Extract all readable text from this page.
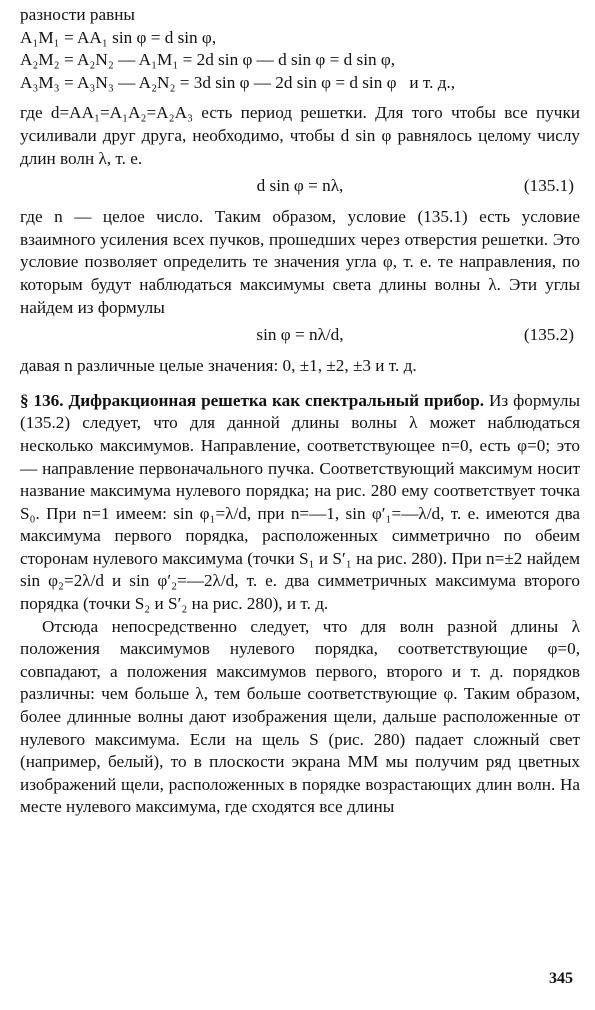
разности равны

A₁M₁ = AA₁ sin φ = d sin φ,

A₂M₂ = A₂N₂ — A₁M₁ = 2d sin φ — d sin φ = d sin φ,

A₃M₃ = A₃N₃ — A₂N₂ = 3d sin φ — 2d sin φ = d sin φ   и т. д.,

где d=AA₁=A₁A₂=A₂A₃ есть период решетки. Для того чтобы все пучки усиливали друг друга, необходимо, чтобы d sin φ равнялось целому числу длин волн λ, т. е.

d sin φ = nλ,	(135.1)

где n — целое число. Таким образом, условие (135.1) есть условие взаимного усиления всех пучков, прошедших через отверстия решетки. Это условие позволяет определить те значения угла φ, т. е. те направления, по которым будут наблюдаться максимумы света длины волны λ. Эти углы найдем из формулы

sin φ = nλ/d,	(135.2)

давая n различные целые значения: 0, ±1, ±2, ±3 и т. д.

§ 136. Дифракционная решетка как спектральный прибор. Из формулы (135.2) следует, что для данной длины волны λ может наблюдаться несколько максимумов. Направление, соответствующее n=0, есть φ=0; это — направление первоначального пучка. Соответствующий максимум носит название максимума нулевого порядка; на рис. 280 ему соответствует точка S₀. При n=1 имеем: sin φ₁=λ/d, при n=—1, sin φ′₁=—λ/d, т. е. имеются два максимума первого порядка, расположенных симметрично по обеим сторонам нулевого максимума (точки S₁ и S′₁ на рис. 280). При n=±2 найдем sin φ₂=2λ/d и sin φ′₂=—2λ/d, т. е. два симметричных максимума второго порядка (точки S₂ и S′₂ на рис. 280), и т. д.

Отсюда непосредственно следует, что для волн разной длины λ положения максимумов нулевого порядка, соответствующие φ=0, совпадают, а положения максимумов первого, второго и т. д. порядков различны: чем больше λ, тем больше соответствующие φ. Таким образом, более длинные волны дают изображения щели, дальше расположенные от нулевого максимума. Если на щель S (рис. 280) падает сложный свет (например, белый), то в плоскости экрана MM мы получим ряд цветных изображений щели, расположенных в порядке возрастающих длин волн. На месте нулевого максимума, где сходятся все длины

345
